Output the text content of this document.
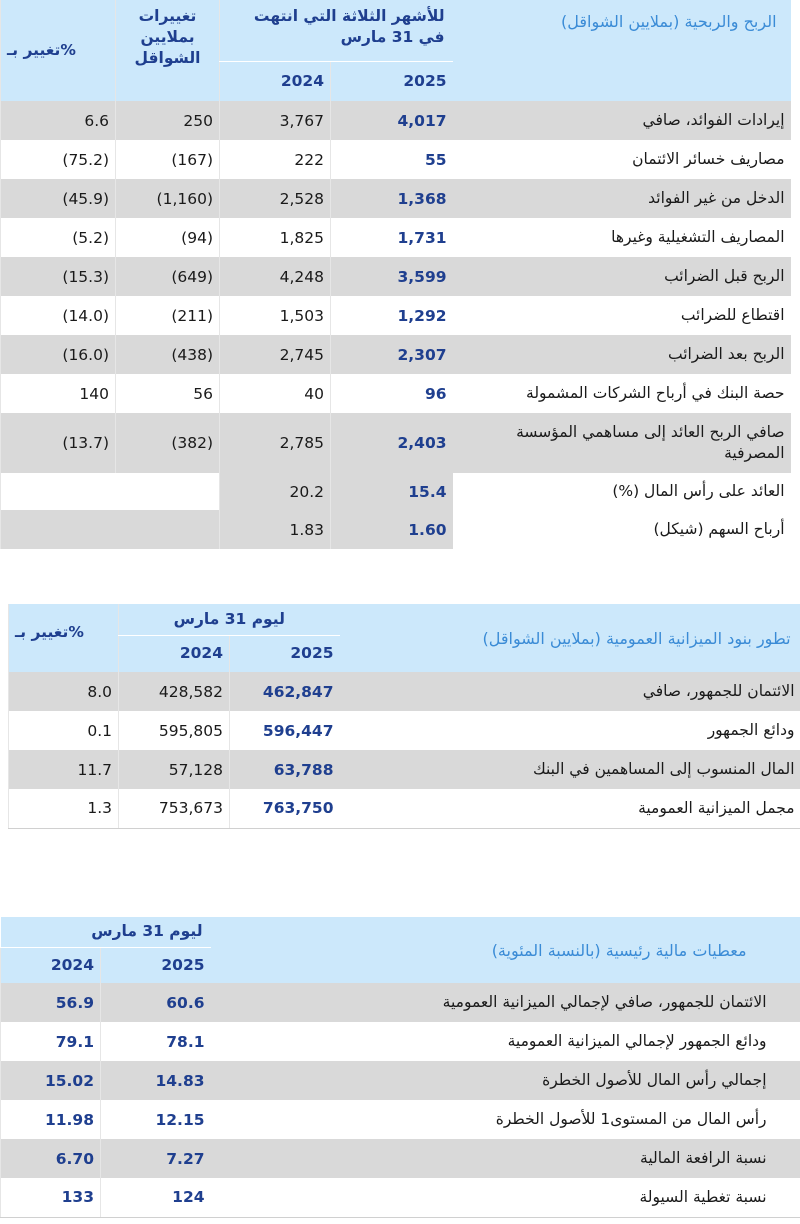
تغيير بـ%	تغييرات بملايين الشواقل	للأشهر الثلاثة التي انتهت في 31 مارس		الربح والربحية (بملايين الشواقل)
		2024	2025	
6.6	250	3,767	4,017	إيرادات الفوائد، صافي
(75.2)	(167)	222	55	مصاريف خسائر الائتمان
(45.9)	(1,160)	2,528	1,368	الدخل من غير الفوائد
(5.2)	(94)	1,825	1,731	المصاريف التشغيلية وغيرها
(15.3)	(649)	4,248	3,599	الربح قبل الضرائب
(14.0)	(211)	1,503	1,292	اقتطاع للضرائب
(16.0)	(438)	2,745	2,307	الربح بعد الضرائب
140	56	40	96	حصة البنك في أرباح الشركات المشمولة
(13.7)	(382)	2,785	2,403	صافي الربح العائد إلى مساهمي المؤسسة المصرفية
		20.2	15.4	العائد على رأس المال (%)
		1.83	1.60	أرباح السهم (شيكل)
تغيير بـ%	ليوم 31 مارس		تطور بنود الميزانية العمومية (بملايين الشواقل)
	2024	2025	
8.0	428,582	462,847	الائتمان للجمهور، صافي
0.1	595,805	596,447	ودائع الجمهور
11.7	57,128	63,788	المال المنسوب إلى المساهمين في البنك
1.3	753,673	763,750	مجمل الميزانية العمومية
ليوم 31 مارس		معطيات مالية رئيسية (بالنسبة المئوية)
2024	2025	
56.9	60.6	الائتمان للجمهور، صافي لإجمالي الميزانية العمومية
79.1	78.1	ودائع الجمهور لإجمالي الميزانية العمومية
15.02	14.83	إجمالي رأس المال للأصول الخطرة
11.98	12.15	رأس المال من المستوى1 للأصول الخطرة
6.70	7.27	نسبة الرافعة المالية
133	124	نسبة تغطية السيولة
